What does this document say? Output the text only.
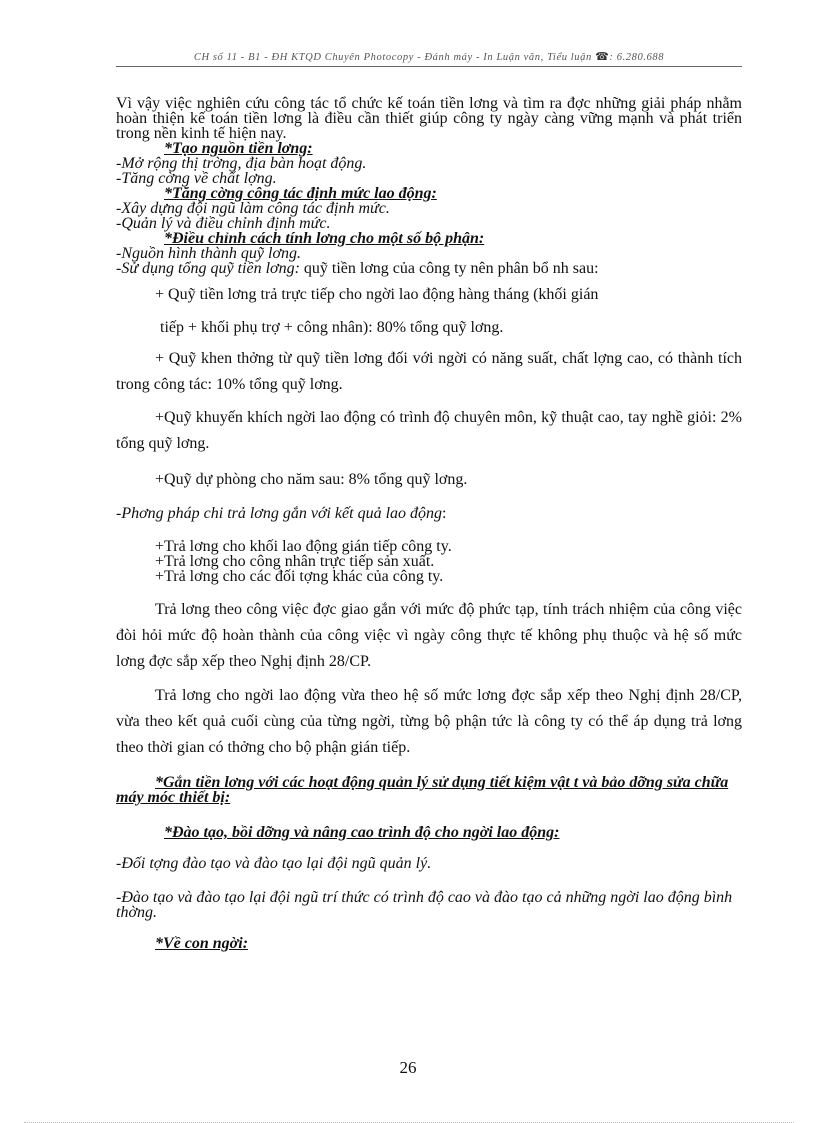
CH số 11 - B1 - ĐH KTQD Chuyên Photocopy - Đánh máy - In Luận văn, Tiểu luận ☎: 6.280.688

Vì vậy việc nghiên cứu công tác tổ chức kế toán tiền lơng và tìm ra đợc những giải pháp nhằm hoàn thiện kế toán tiền lơng là điều cần thiết giúp công ty ngày càng vững mạnh và phát triển trong nền kinh tế hiện nay.

*Tạo nguồn tiền lơng:

-Mở rộng thị trờng, địa bàn hoạt động.

-Tăng cờng về chất lợng.

*Tăng cờng công tác định mức lao động:

-Xây dựng đội ngũ làm công tác định mức.

-Quản lý và điều chỉnh định mức.

*Điều chỉnh cách tính lơng cho một số bộ phận:

-Nguồn hình thành quỹ lơng.

-Sử dụng tổng quỹ tiền lơng: quỹ tiền lơng của công ty nên phân bổ nh sau:

+ Quỹ tiền lơng trả trực tiếp cho ngời lao động hàng tháng (khối gián

tiếp + khối phụ trợ + công nhân): 80% tổng quỹ lơng.

+ Quỹ khen thởng từ quỹ tiền lơng đối với ngời có năng suất, chất lợng cao, có thành tích trong công tác: 10% tổng quỹ lơng.

+Quỹ khuyến khích ngời lao động có trình độ chuyên môn, kỹ thuật cao, tay nghề giỏi: 2% tổng quỹ lơng.

+Quỹ dự phòng cho năm sau: 8% tổng quỹ lơng.

-Phơng pháp chi trả lơng gắn với kết quả lao động:

+Trả lơng cho khối lao động gián tiếp công ty.

+Trả lơng cho công nhân trực tiếp sản xuất.

+Trả lơng cho các đối tợng khác của công ty.

Trả lơng theo công việc đợc giao gắn với mức độ phức tạp, tính trách nhiệm của công việc đòi hỏi mức độ hoàn thành của công việc vì ngày công thực tế không phụ thuộc và hệ số mức lơng đợc sắp xếp theo Nghị định 28/CP.

Trả lơng cho ngời lao động vừa theo hệ số mức lơng đợc sắp xếp theo Nghị định 28/CP, vừa theo kết quả cuối cùng của từng ngời, từng bộ phận tức là công ty có thể áp dụng trả lơng theo thời gian có thởng cho bộ phận gián tiếp.

*Gắn tiền lơng với các hoạt động quản lý sử dụng tiết kiệm vật t và bảo dỡng sửa chữa máy móc thiết bị:

*Đào tạo, bồi dỡng và nâng cao trình độ cho ngời lao động:

-Đối tợng đào tạo và đào tạo lại đội ngũ quản lý.

-Đào tạo và đào tạo lại đội ngũ trí thức có trình độ cao và đào tạo cả những ngời lao động bình thờng.

*Về con ngời:

26
